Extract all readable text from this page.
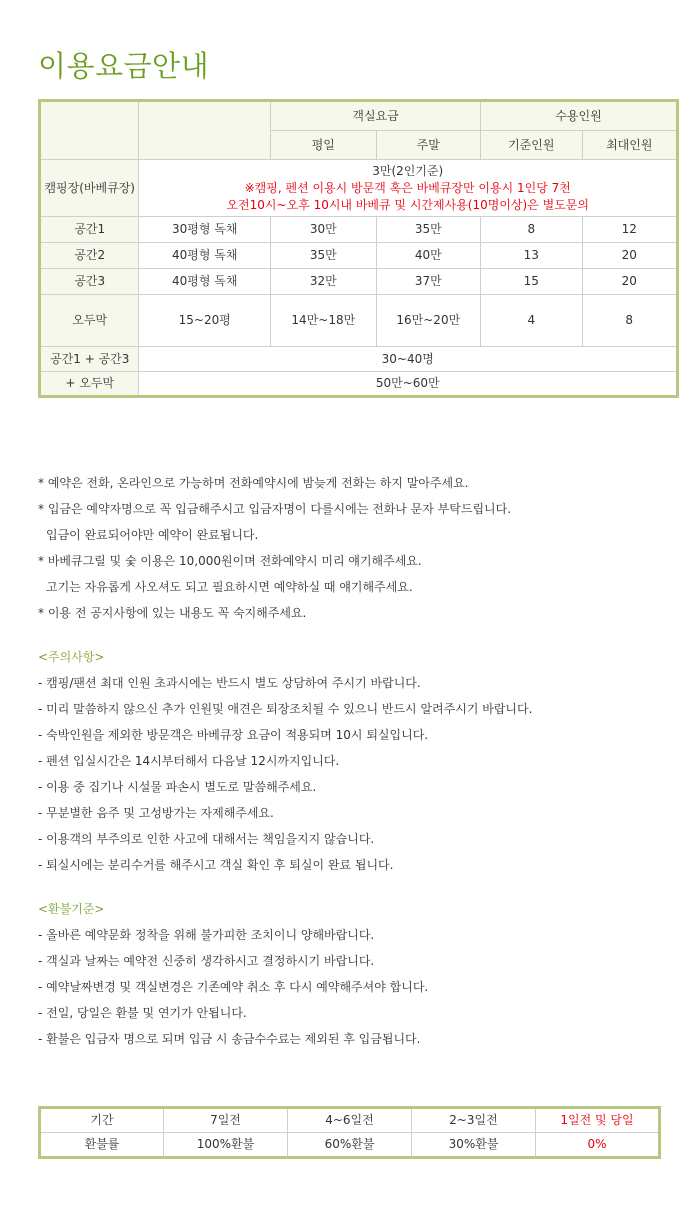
이용요금안내
		객실요금		수용인원	
		평일	주말	기준인원	최대인원
캠핑장(바베큐장)	3만(2인기준)
※캠핑, 펜션 이용시 방문객 혹은 바베큐장만 이용시 1인당 7천
오전10시~오후 10시내 바베큐 및 시간제사용(10명이상)은 별도문의				

공간1	30평형 독채	30만	35만	8	12
공간2	40평형 독채	35만	40만	13	20
공간3	40평형 독채	32만	37만	15	20
오두막	15~20평	14만~18만	16만~20만	4	8
공간1 + 공간3	30~40명				
+ 오두막	50만~60만				

* 예약은 전화, 온라인으로 가능하며 전화예약시에 밤늦게 전화는 하지 말아주세요.

* 입금은 예약자명으로 꼭 입금해주시고 입금자명이 다를시에는 전화나 문자 부탁드립니다.

입금이 완료되어야만 예약이 완료됩니다.

* 바베큐그릴 및 숯 이용은 10,000원이며 전화예약시 미리 얘기해주세요.

고기는 자유롭게 사오셔도 되고 필요하시면 예약하실 때 얘기해주세요.

* 이용 전 공지사항에 있는 내용도 꼭 숙지해주세요.

<주의사항>

- 캠핑/팬션 최대 인원 초과시에는 반드시 별도 상담하여 주시기 바랍니다.

- 미리 말씀하지 않으신 추가 인원및 애견은 퇴장조치될 수 있으니 반드시 알려주시기 바랍니다.

- 숙박인원을 제외한 방문객은 바베큐장 요금이 적용되며 10시 퇴실입니다.

- 펜션 입실시간은 14시부터해서 다음날 12시까지입니다.

- 이용 중 집기나 시설물 파손시 별도로 말씀해주세요.

- 무분별한 음주 및 고성방가는 자제해주세요.

- 이용객의 부주의로 인한 사고에 대해서는 책임을지지 않습니다.

- 퇴실시에는 분리수거를 해주시고 객실 확인 후 퇴실이 완료 됩니다.

<환불기준>

- 올바른 예약문화 정착을 위해 불가피한 조치이니 양해바랍니다.

- 객실과 날짜는 예약전 신중히 생각하시고 결정하시기 바랍니다.

- 예약날짜변경 및 객실변경은 기존예약 취소 후 다시 예약해주셔야 합니다.

- 전일, 당일은 환불 및 연기가 안됩니다.

- 환불은 입금자 명으로 되며 입금 시 송금수수료는 제외된 후 입금됩니다.

기간	7일전	4~6일전	2~3일전	1일전 및 당일
환불률	100%환불	60%환불	30%환불	0%
